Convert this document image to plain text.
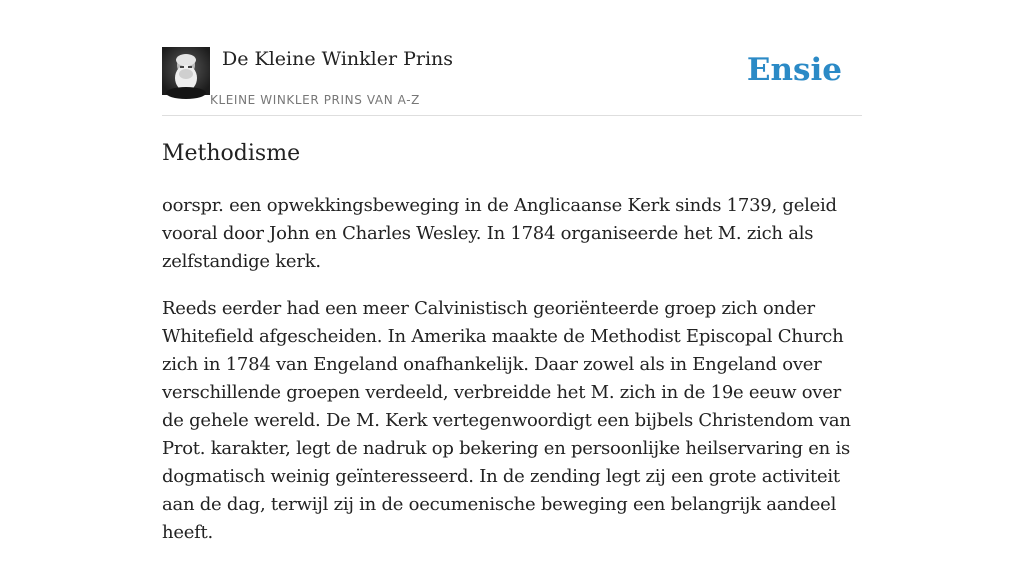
De Kleine Winkler Prins
KLEINE WINKLER PRINS VAN A-Z
Ensie
Methodisme

oorspr. een opwekkingsbeweging in de Anglicaanse Kerk sinds 1739, geleid vooral door John en Charles Wesley. In 1784 organiseerde het M. zich als zelfstandige kerk.

Reeds eerder had een meer Calvinistisch georiënteerde groep zich onder Whitefield afgescheiden. In Amerika maakte de Methodist Episcopal Church zich in 1784 van Engeland onafhankelijk. Daar zowel als in Engeland over verschillende groepen verdeeld, verbreidde het M. zich in de 19e eeuw over de gehele wereld. De M. Kerk vertegenwoordigt een bijbels Christendom van Prot. karakter, legt de nadruk op bekering en persoonlijke heilservaring en is dogmatisch weinig geïnteresseerd. In de zending legt zij een grote activiteit aan de dag, terwijl zij in de oecumenische beweging een belangrijk aandeel heeft.
